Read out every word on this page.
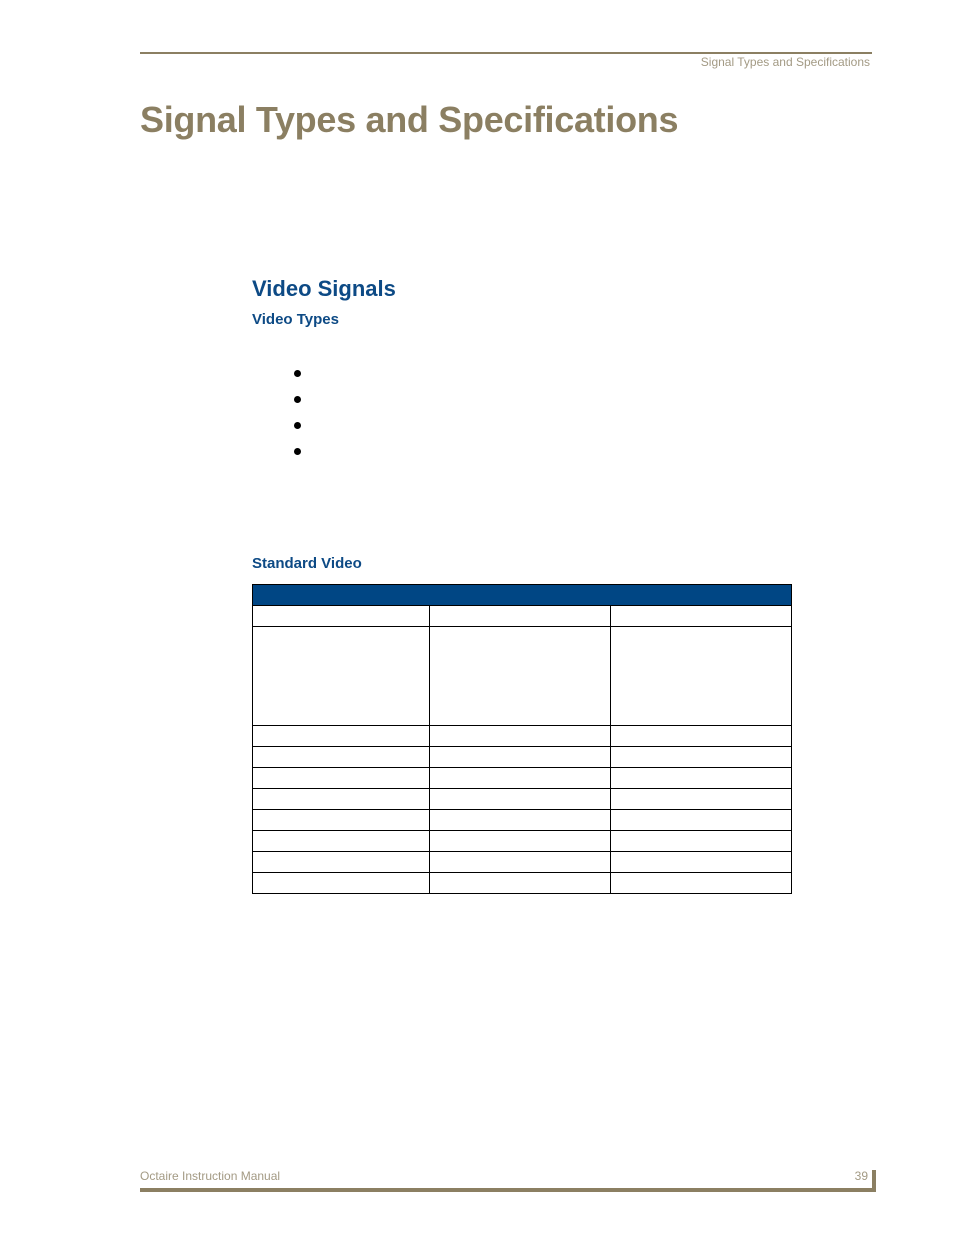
Signal Types and Specifications
Signal Types and Specifications
Video Signals
Video Types
Standard Video

Octaire Instruction Manual	39
